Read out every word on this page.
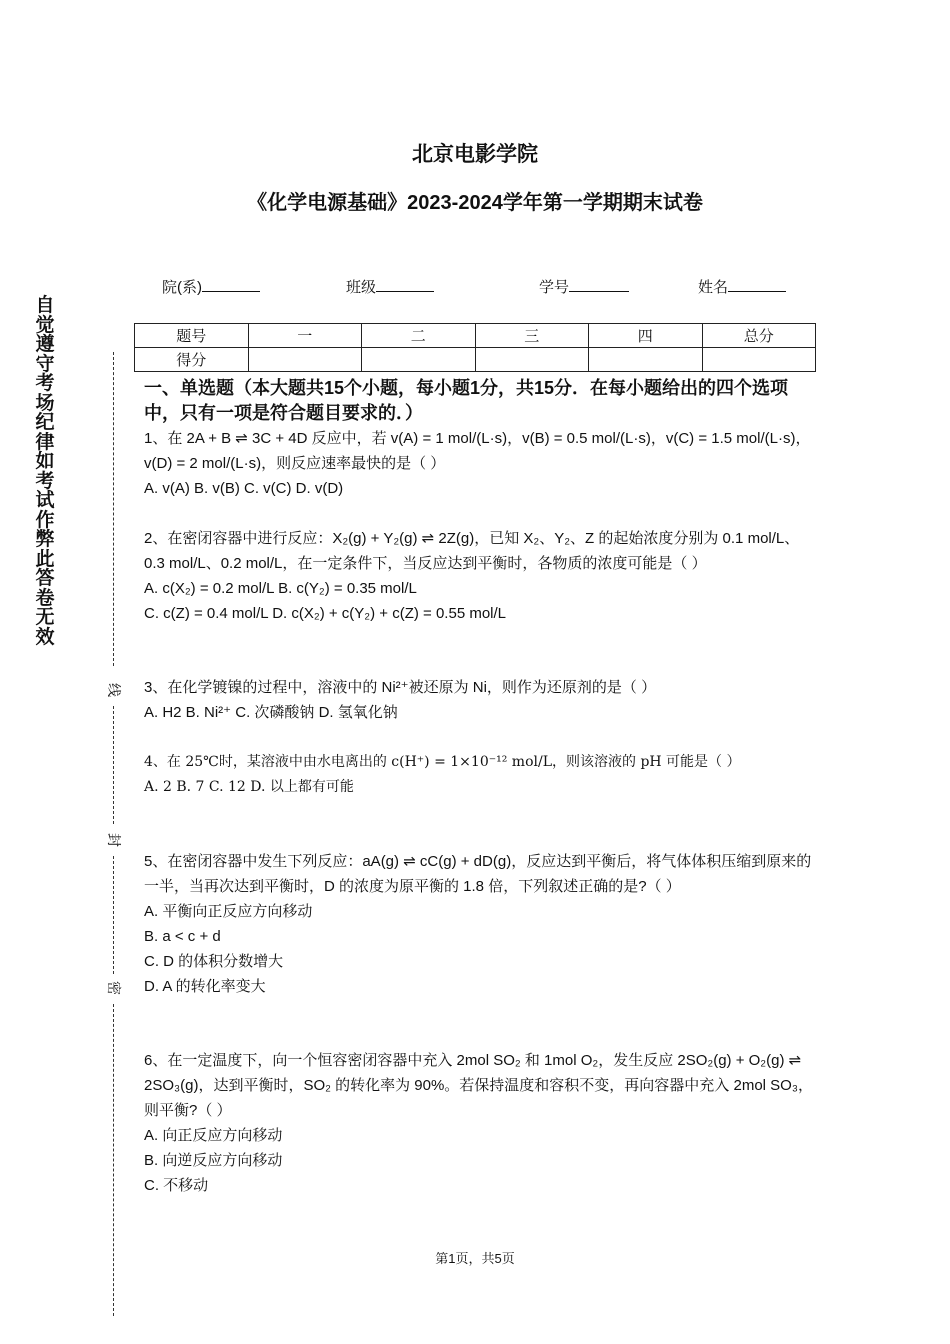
北京电影学院
《化学电源基础》2023-2024学年第一学期期末试卷
院(系)	班级	学号	姓名
题号	一	二	三	四	总分
得分					
自觉遵守考场纪律如考试作弊此答卷无效
线
封
密
一、单选题（本大题共15个小题，每小题1分，共15分．在每小题给出的四个选项中，只有一项是符合题目要求的．）

1、在 2A + B ⇌ 3C + 4D 反应中，若 v(A) = 1 mol/(L·s)，v(B) = 0.5 mol/(L·s)，v(C) = 1.5 mol/(L·s)，v(D) = 2 mol/(L·s)，则反应速率最快的是（ ）

A. v(A) B. v(B) C. v(C) D. v(D)

2、在密闭容器中进行反应：X₂(g) + Y₂(g) ⇌ 2Z(g)，已知 X₂、Y₂、Z 的起始浓度分别为 0.1 mol/L、0.3 mol/L、0.2 mol/L，在一定条件下，当反应达到平衡时，各物质的浓度可能是（ ）

A. c(X₂) = 0.2 mol/L B. c(Y₂) = 0.35 mol/L

C. c(Z) = 0.4 mol/L D. c(X₂) + c(Y₂) + c(Z) = 0.55 mol/L

3、在化学镀镍的过程中，溶液中的 Ni²⁺被还原为 Ni，则作为还原剂的是（ ）

A. H2 B. Ni²⁺ C. 次磷酸钠 D. 氢氧化钠

4、在 25℃时，某溶液中由水电离出的 c(H⁺) = 1×10⁻¹² mol/L，则该溶液的 pH 可能是（ ）

A. 2 B. 7 C. 12 D. 以上都有可能

5、在密闭容器中发生下列反应：aA(g) ⇌ cC(g) + dD(g)，反应达到平衡后，将气体体积压缩到原来的一半，当再次达到平衡时，D 的浓度为原平衡的 1.8 倍，下列叙述正确的是?（ ）

A. 平衡向正反应方向移动

B. a < c + d

C. D 的体积分数增大

D. A 的转化率变大

6、在一定温度下，向一个恒容密闭容器中充入 2mol SO₂ 和 1mol O₂，发生反应 2SO₂(g) + O₂(g) ⇌ 2SO₃(g)，达到平衡时，SO₂ 的转化率为 90%。若保持温度和容积不变，再向容器中充入 2mol SO₃，则平衡?（ ）

A. 向正反应方向移动

B. 向逆反应方向移动

C. 不移动

第1页，共5页
